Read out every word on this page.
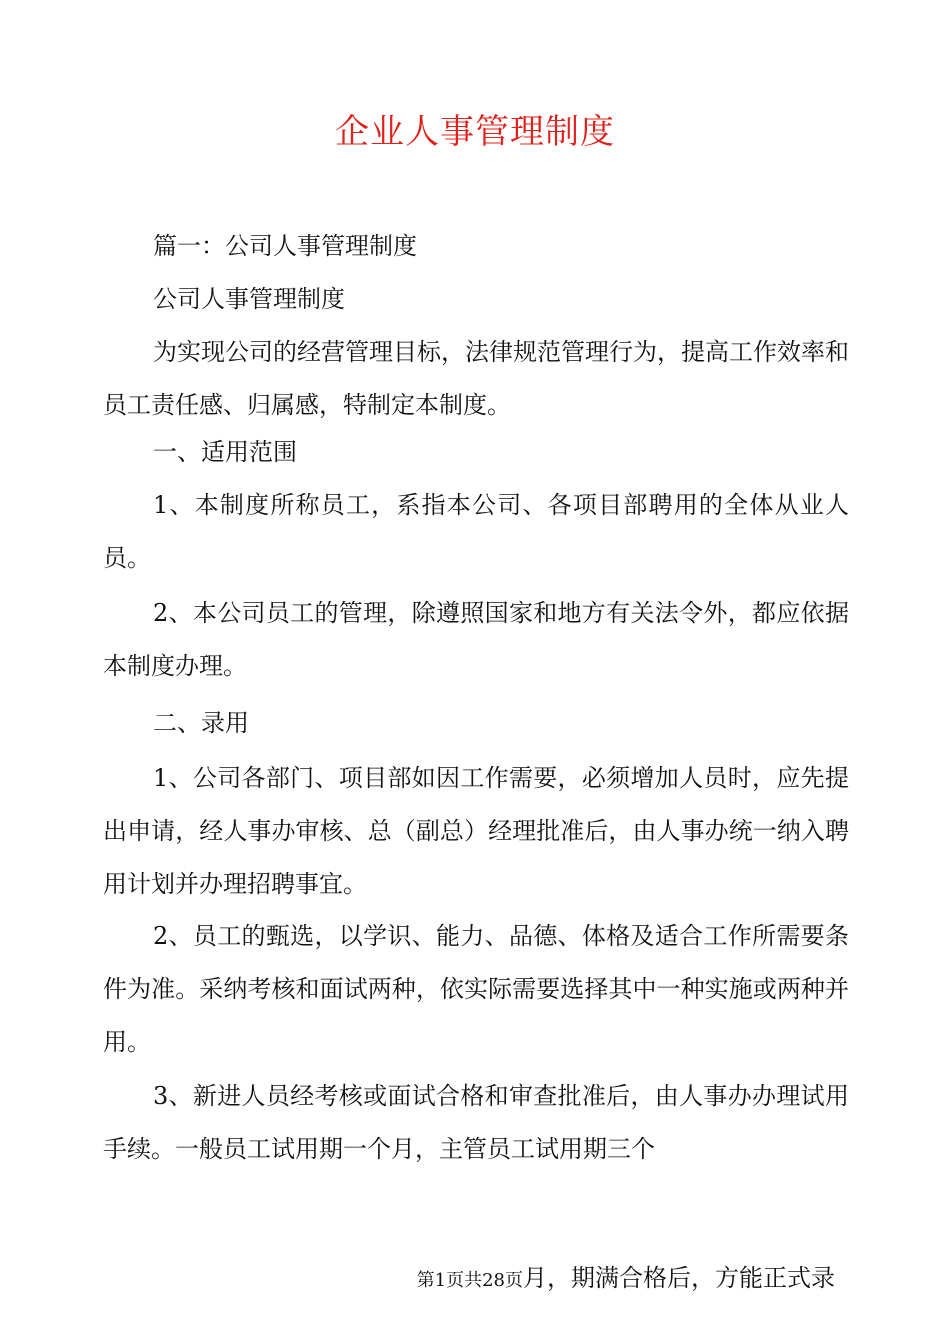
企业人事管理制度

篇一：公司人事管理制度

公司人事管理制度

为实现公司的经营管理目标，法律规范管理行为，提高工作效率和员工责任感、归属感，特制定本制度。

一、适用范围

1、本制度所称员工，系指本公司、各项目部聘用的全体从业人员。

2、本公司员工的管理，除遵照国家和地方有关法令外，都应依据本制度办理。

二、录用

1、公司各部门、项目部如因工作需要，必须增加人员时，应先提出申请，经人事办审核、总（副总）经理批准后，由人事办统一纳入聘用计划并办理招聘事宜。

2、员工的甄选，以学识、能力、品德、体格及适合工作所需要条件为准。采纳考核和面试两种，依实际需要选择其中一种实施或两种并用。

3、新进人员经考核或面试合格和审查批准后，由人事办办理试用手续。一般员工试用期一个月，主管员工试用期三个

第1页共28页月，期满合格后，方能正式录
